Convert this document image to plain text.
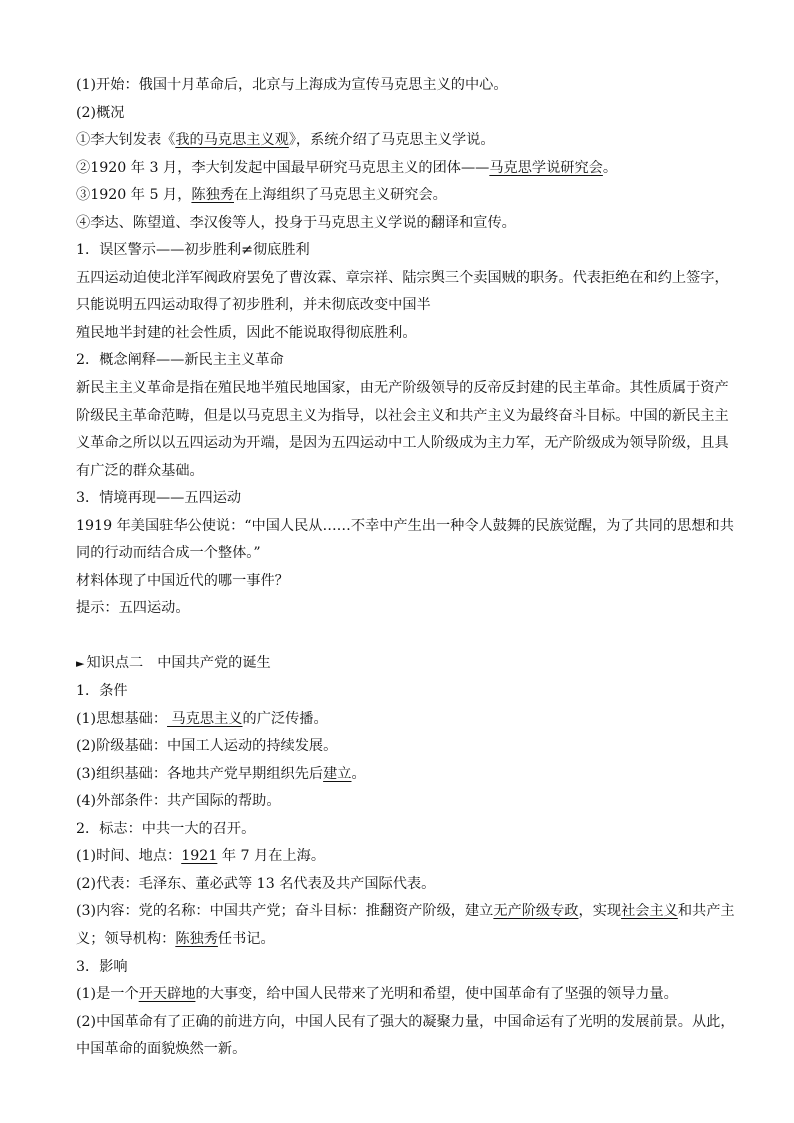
(1)开始：俄国十月革命后，北京与上海成为宣传马克思主义的中心。
(2)概况
①李大钊发表《我的马克思主义观》，系统介绍了马克思主义学说。
②1920 年 3 月，李大钊发起中国最早研究马克思主义的团体——马克思学说研究会。
③1920 年 5 月，陈独秀在上海组织了马克思主义研究会。
④李达、陈望道、李汉俊等人，投身于马克思主义学说的翻译和宣传。
1．误区警示——初步胜利≠彻底胜利
五四运动迫使北洋军阀政府罢免了曹汝霖、章宗祥、陆宗舆三个卖国贼的职务。代表拒绝在和约上签字，
只能说明五四运动取得了初步胜利，并未彻底改变中国半
殖民地半封建的社会性质，因此不能说取得彻底胜利。
2．概念阐释——新民主主义革命
新民主主义革命是指在殖民地半殖民地国家，由无产阶级领导的反帝反封建的民主革命。其性质属于资产
阶级民主革命范畴，但是以马克思主义为指导，以社会主义和共产主义为最终奋斗目标。中国的新民主主
义革命之所以以五四运动为开端，是因为五四运动中工人阶级成为主力军，无产阶级成为领导阶级，且具
有广泛的群众基础。
3．情境再现——五四运动
1919 年美国驻华公使说：“中国人民从……不幸中产生出一种令人鼓舞的民族觉醒，为了共同的思想和共
同的行动而结合成一个整体。”
材料体现了中国近代的哪一事件？
提示：五四运动。
► 知识点二 中国共产党的诞生
1．条件
(1)思想基础： 马克思主义的广泛传播。
(2)阶级基础：中国工人运动的持续发展。
(3)组织基础：各地共产党早期组织先后建立。
(4)外部条件：共产国际的帮助。
2．标志：中共一大的召开。
(1)时间、地点：1921 年 7 月在上海。
(2)代表：毛泽东、董必武等 13 名代表及共产国际代表。
(3)内容：党的名称：中国共产党；奋斗目标：推翻资产阶级，建立无产阶级专政，实现社会主义和共产主
义；领导机构：陈独秀任书记。
3．影响
(1)是一个开天辟地的大事变，给中国人民带来了光明和希望，使中国革命有了坚强的领导力量。
(2)中国革命有了正确的前进方向，中国人民有了强大的凝聚力量，中国命运有了光明的发展前景。从此，
中国革命的面貌焕然一新。
